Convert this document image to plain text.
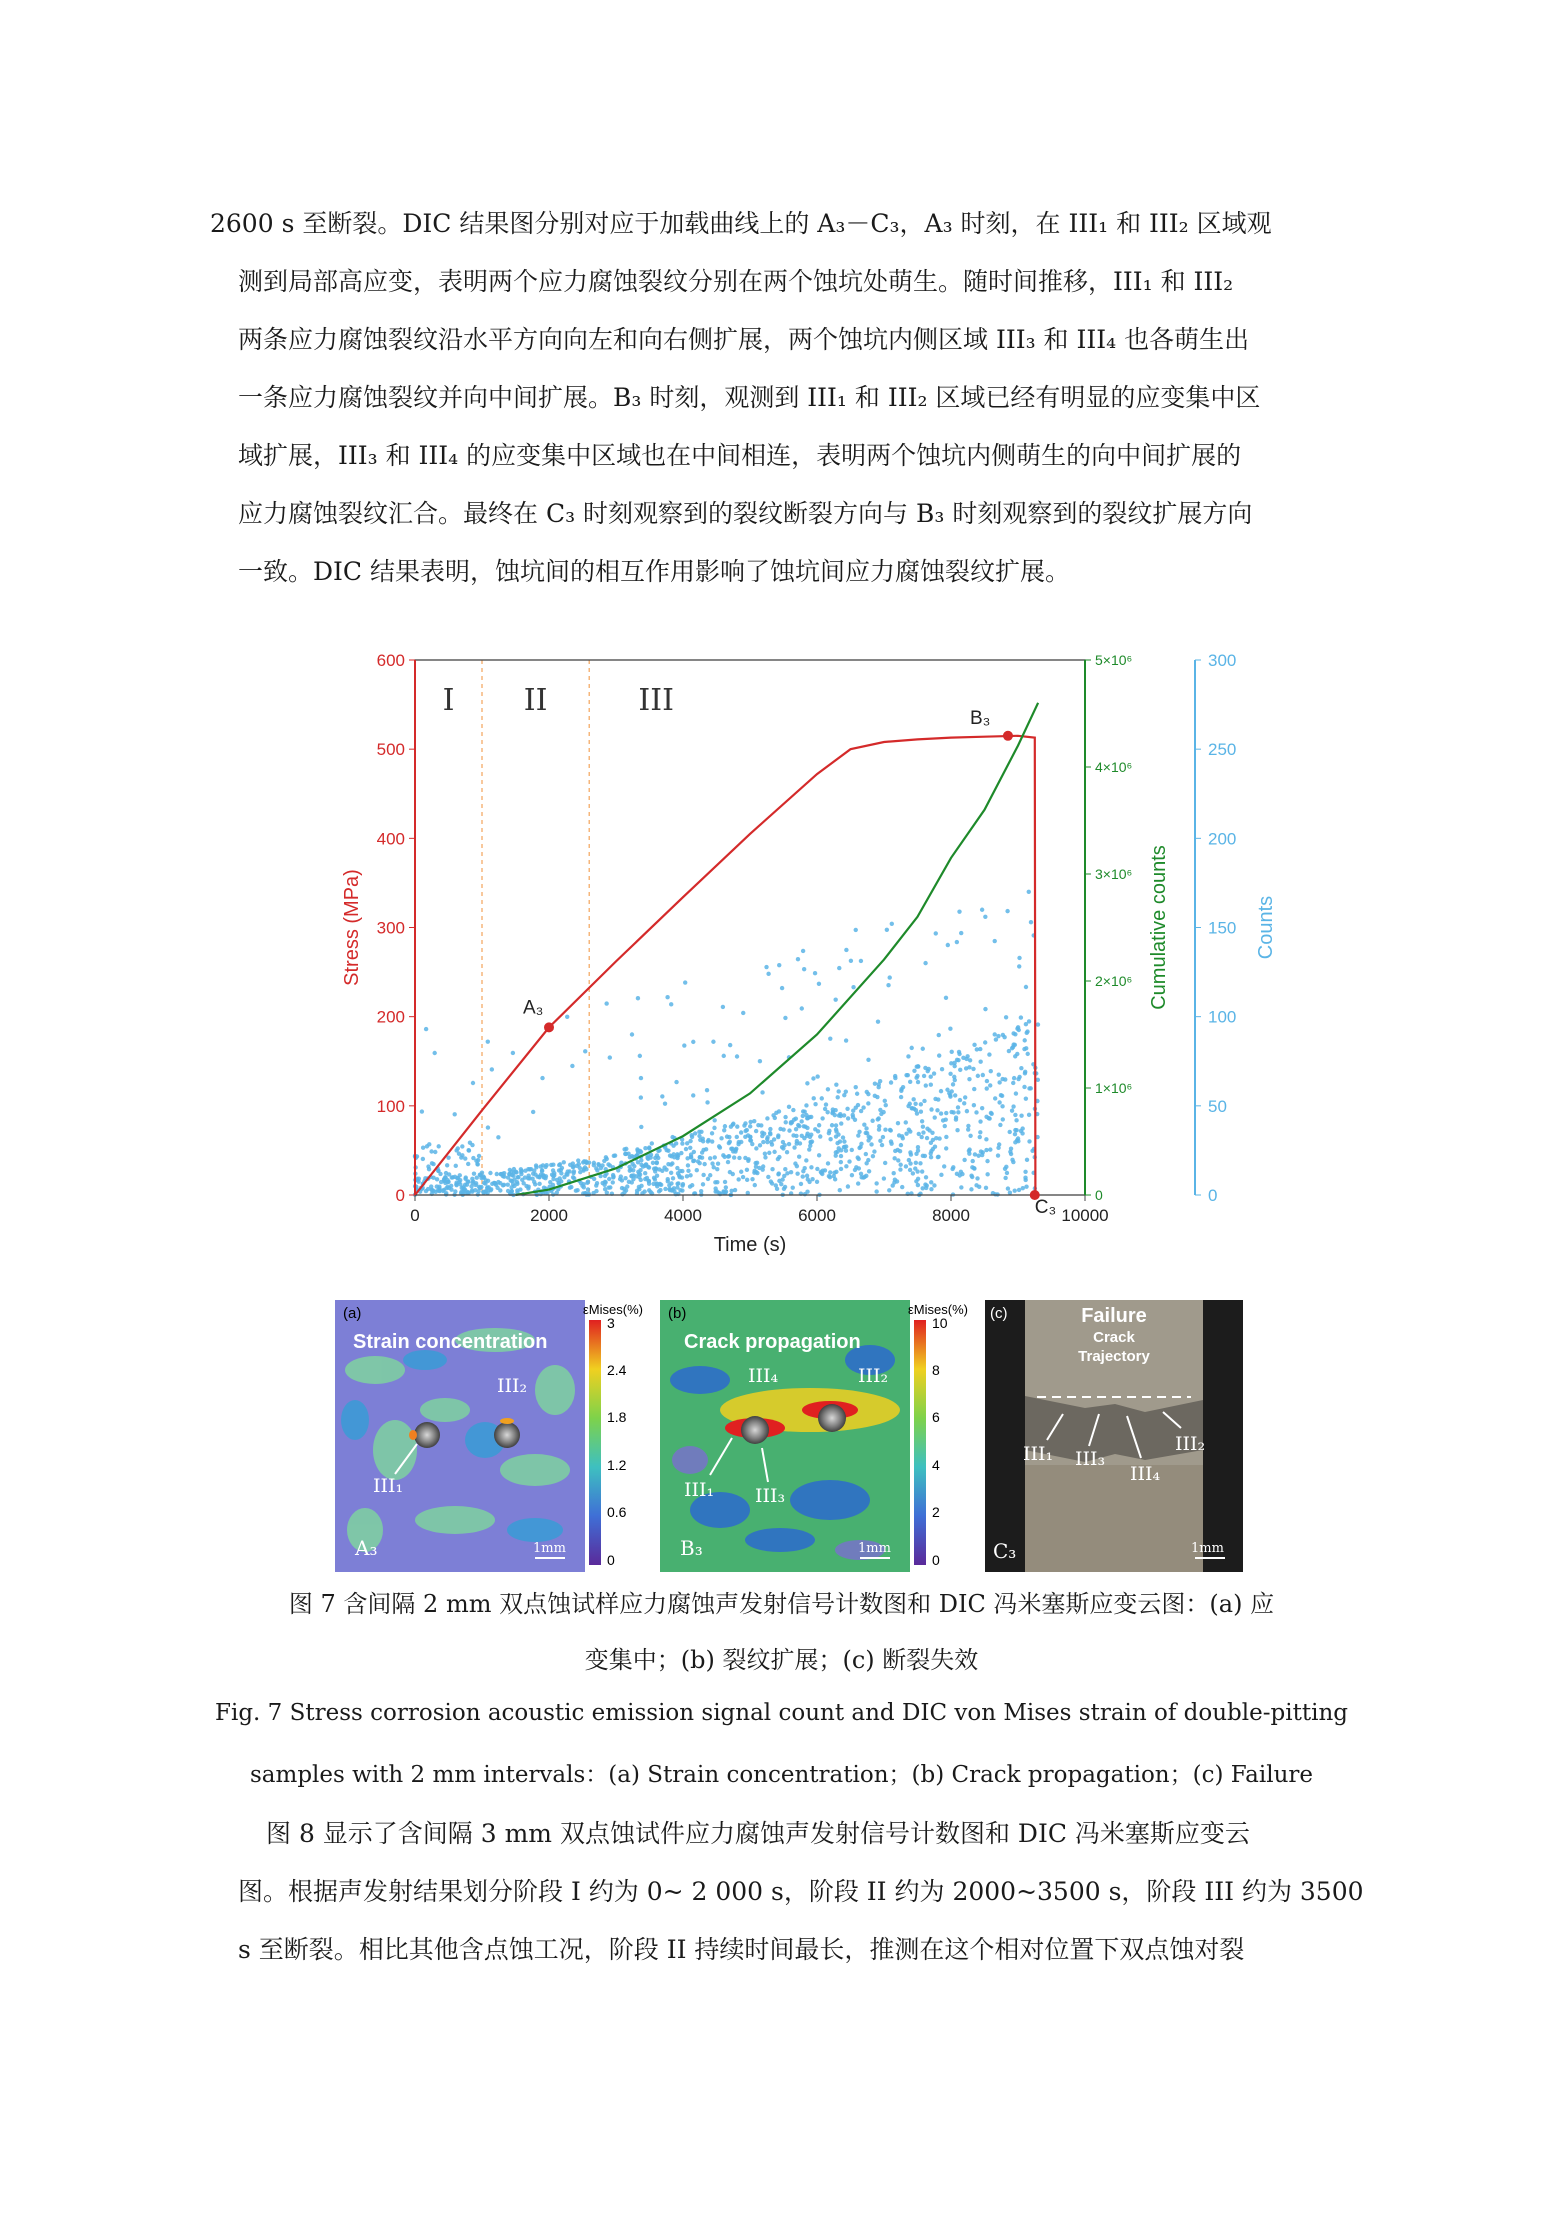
2600 s 至断裂。DIC 结果图分别对应于加载曲线上的 A₃－C₃，A₃ 时刻，在 III₁ 和 III₂ 区域观
测到局部高应变，表明两个应力腐蚀裂纹分别在两个蚀坑处萌生。随时间推移，III₁ 和 III₂
两条应力腐蚀裂纹沿水平方向向左和向右侧扩展，两个蚀坑内侧区域 III₃ 和 III₄ 也各萌生出
一条应力腐蚀裂纹并向中间扩展。B₃ 时刻，观测到 III₁ 和 III₂ 区域已经有明显的应变集中区
域扩展，III₃ 和 III₄ 的应变集中区域也在中间相连，表明两个蚀坑内侧萌生的向中间扩展的
应力腐蚀裂纹汇合。最终在 C₃ 时刻观察到的裂纹断裂方向与 B₃ 时刻观察到的裂纹扩展方向
一致。DIC 结果表明，蚀坑间的相互作用影响了蚀坑间应力腐蚀裂纹扩展。
I II	III
0	2000	4000	6000	8000	10000
Time (s)
0
100
200
300
400
500
600
Stress (MPa)
0
1×10⁶
2×10⁶
3×10⁶
4×10⁶
5×10⁶
Cumulative counts
0
50
100
150
200
250
300
Counts
A₃
B₃
C₃
(a)
Strain concentration
III₂
III₁
A₃	1mm
εMises(%)
3
2.4
1.8
1.2
0.6
0
(b)
Crack propagation
III₄	III₂
III₁ III₃
B₃	1mm
εMises(%)
10
8
6
4
2
0
(c)	Failure
Crack
Trajectory
III₁ III₃
III₄
III₂
C₃	1mm
图 7 含间隔 2 mm 双点蚀试样应力腐蚀声发射信号计数图和 DIC 冯米塞斯应变云图：(a) 应
变集中；(b) 裂纹扩展；(c) 断裂失效
Fig. 7 Stress corrosion acoustic emission signal count and DIC von Mises strain of double-pitting
samples with 2 mm intervals：(a) Strain concentration；(b) Crack propagation；(c) Failure
图 8 显示了含间隔 3 mm 双点蚀试件应力腐蚀声发射信号计数图和 DIC 冯米塞斯应变云
图。根据声发射结果划分阶段 I 约为 0~ 2 000 s，阶段 II 约为 2000~3500 s，阶段 III 约为 3500
s 至断裂。相比其他含点蚀工况，阶段 II 持续时间最长，推测在这个相对位置下双点蚀对裂
